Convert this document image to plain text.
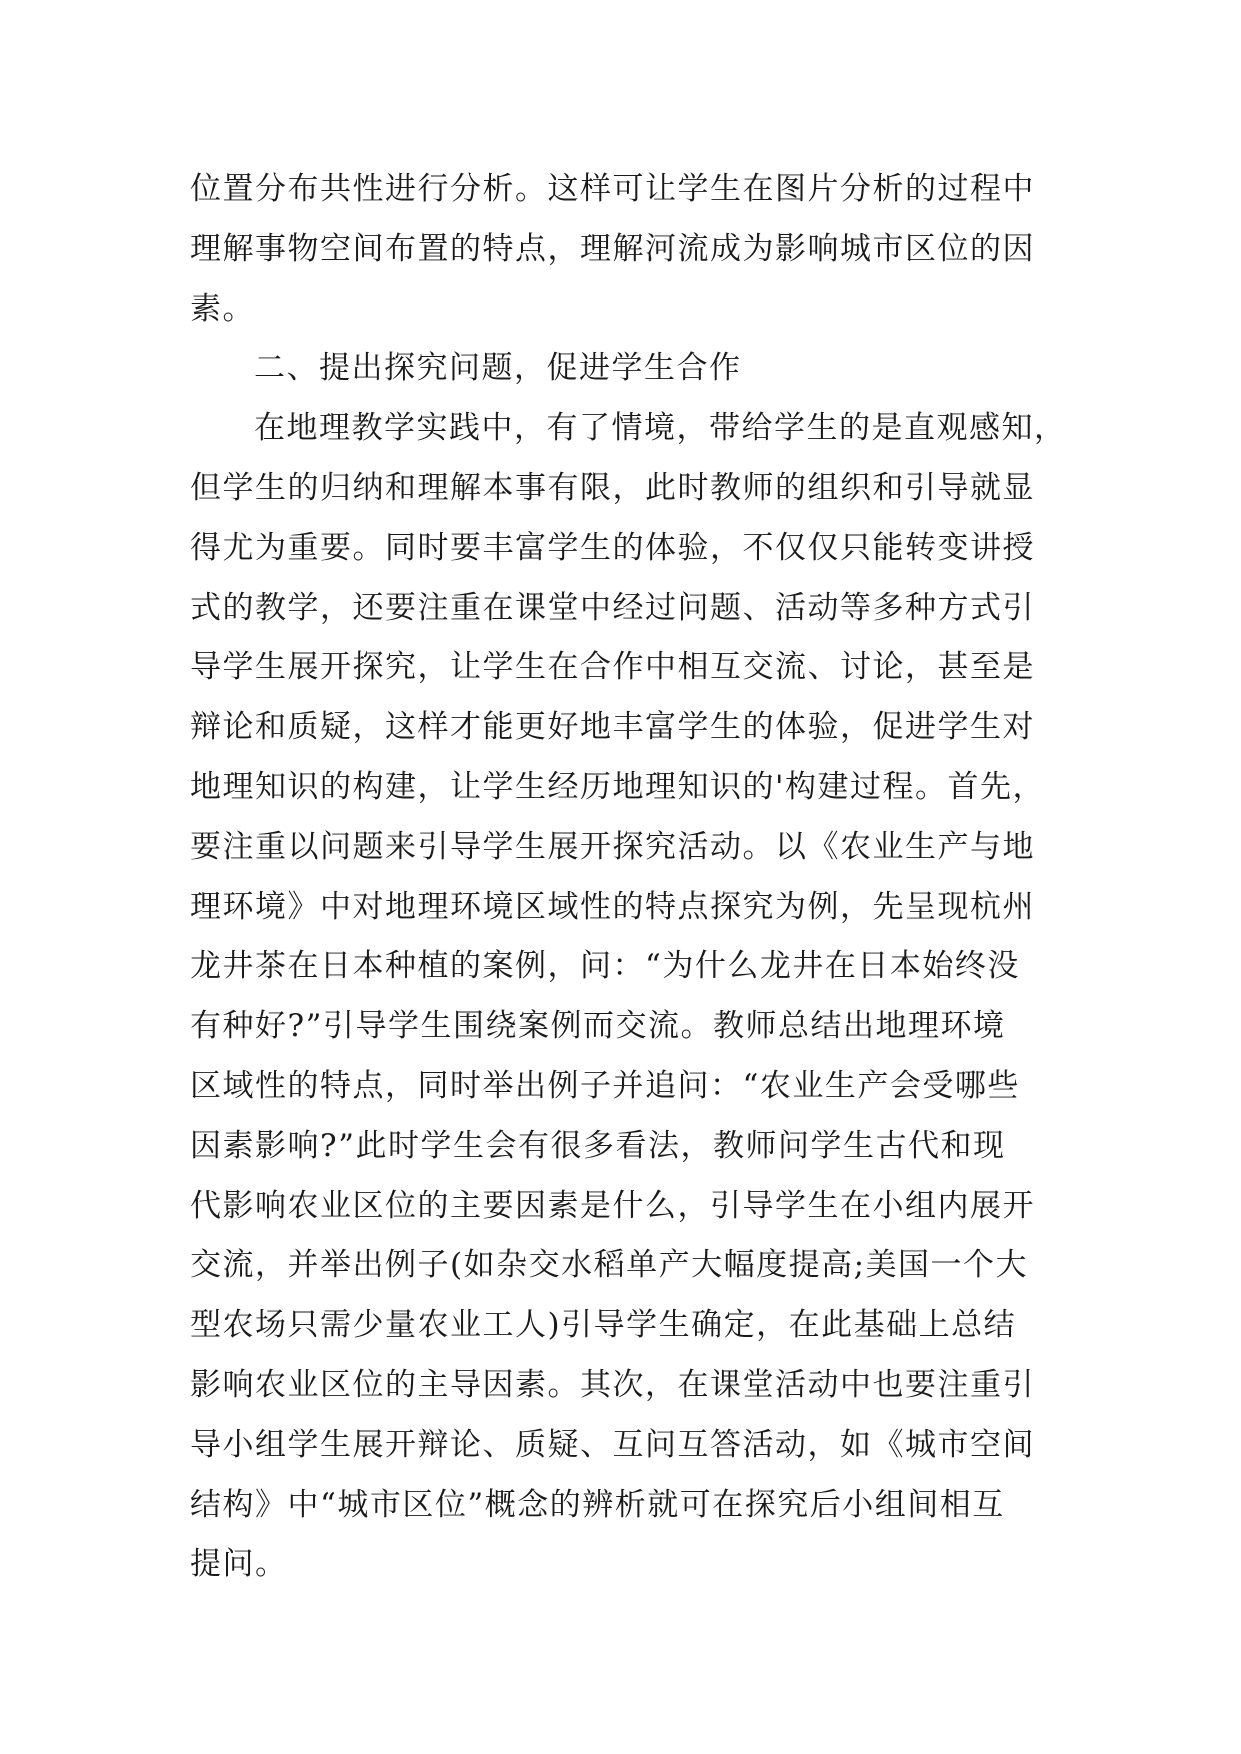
位置分布共性进行分析。这样可让学生在图片分析的过程中
理解事物空间布置的特点，理解河流成为影响城市区位的因
素。
二、提出探究问题，促进学生合作
在地理教学实践中，有了情境，带给学生的是直观感知，
但学生的归纳和理解本事有限，此时教师的组织和引导就显
得尤为重要。同时要丰富学生的体验，不仅仅只能转变讲授
式的教学，还要注重在课堂中经过问题、活动等多种方式引
导学生展开探究，让学生在合作中相互交流、讨论，甚至是
辩论和质疑，这样才能更好地丰富学生的体验，促进学生对
地理知识的构建，让学生经历地理知识的'构建过程。首先，
要注重以问题来引导学生展开探究活动。以《农业生产与地
理环境》中对地理环境区域性的特点探究为例，先呈现杭州
龙井茶在日本种植的案例，问：“为什么龙井在日本始终没
有种好?”引导学生围绕案例而交流。教师总结出地理环境
区域性的特点，同时举出例子并追问：“农业生产会受哪些
因素影响?”此时学生会有很多看法，教师问学生古代和现
代影响农业区位的主要因素是什么，引导学生在小组内展开
交流，并举出例子(如杂交水稻单产大幅度提高;美国一个大
型农场只需少量农业工人)引导学生确定，在此基础上总结
影响农业区位的主导因素。其次，在课堂活动中也要注重引
导小组学生展开辩论、质疑、互问互答活动，如《城市空间
结构》中“城市区位”概念的辨析就可在探究后小组间相互
提问。
